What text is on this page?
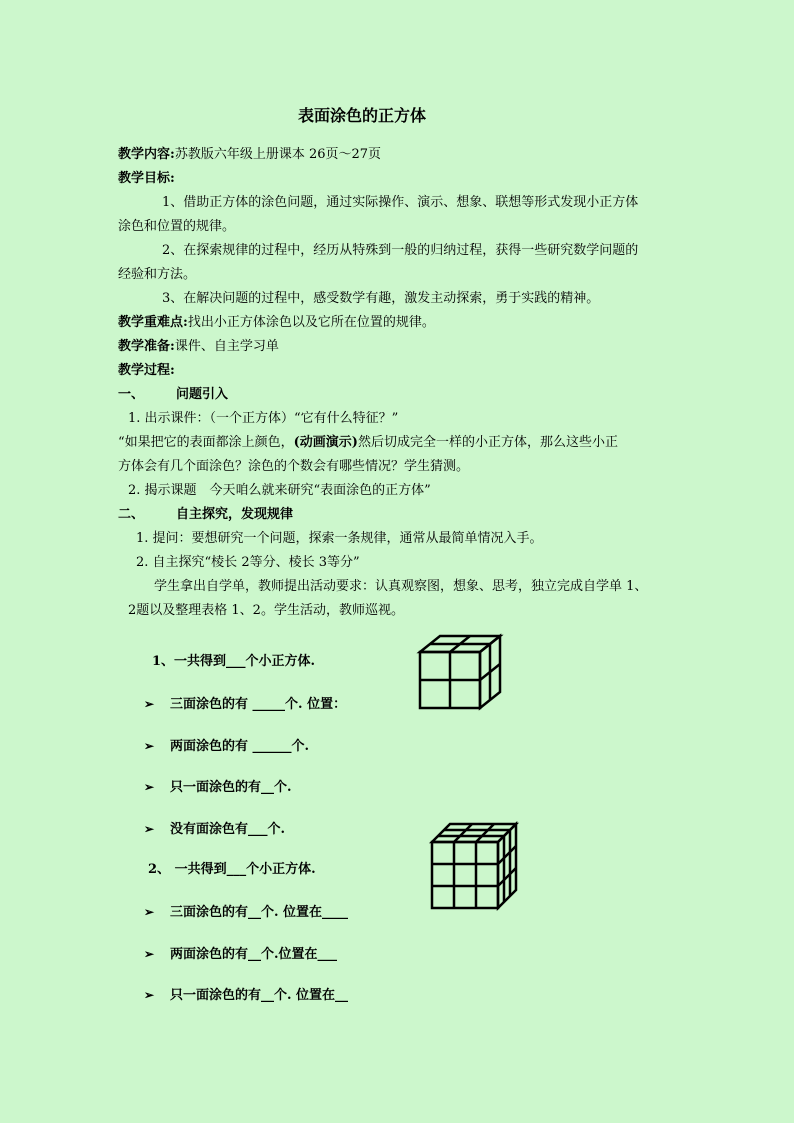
表面涂色的正方体
教学内容:苏教版六年级上册课本 26页～27页
教学目标:
1、借助正方体的涂色问题，通过实际操作、演示、想象、联想等形式发现小正方体
涂色和位置的规律。
2、在探索规律的过程中，经历从特殊到一般的归纳过程，获得一些研究数学问题的
经验和方法。
3、在解决问题的过程中，感受数学有趣，激发主动探索，勇于实践的精神。
教学重难点:找出小正方体涂色以及它所在位置的规律。
教学准备:课件、自主学习单
教学过程:
一、 问题引入
1. 出示课件：（一个正方体）“它有什么特征？”
“如果把它的表面都涂上颜色，(动画演示)然后切成完全一样的小正方体，那么这些小正
方体会有几个面涂色？涂色的个数会有哪些情况？学生猜测。
2. 揭示课题　今天咱么就来研究“表面涂色的正方体”
二、 自主探究，发现规律
1. 提问：要想研究一个问题，探索一条规律，通常从最简单情况入手。
2. 自主探究“棱长 2等分、棱长 3等分”
学生拿出自学单，教师提出活动要求：认真观察图，想象、思考，独立完成自学单 1、
2题以及整理表格 1、2。学生活动，教师巡视。
1、一共得到___个小正方体.
➢ 三面涂色的有 _____个. 位置：
➢ 两面涂色的有 ______个.
➢ 只一面涂色的有__个.
➢ 没有面涂色有___个.
2、 一共得到___个小正方体.
➢ 三面涂色的有__个. 位置在____
➢ 两面涂色的有__个.位置在___
➢ 只一面涂色的有__个. 位置在__
